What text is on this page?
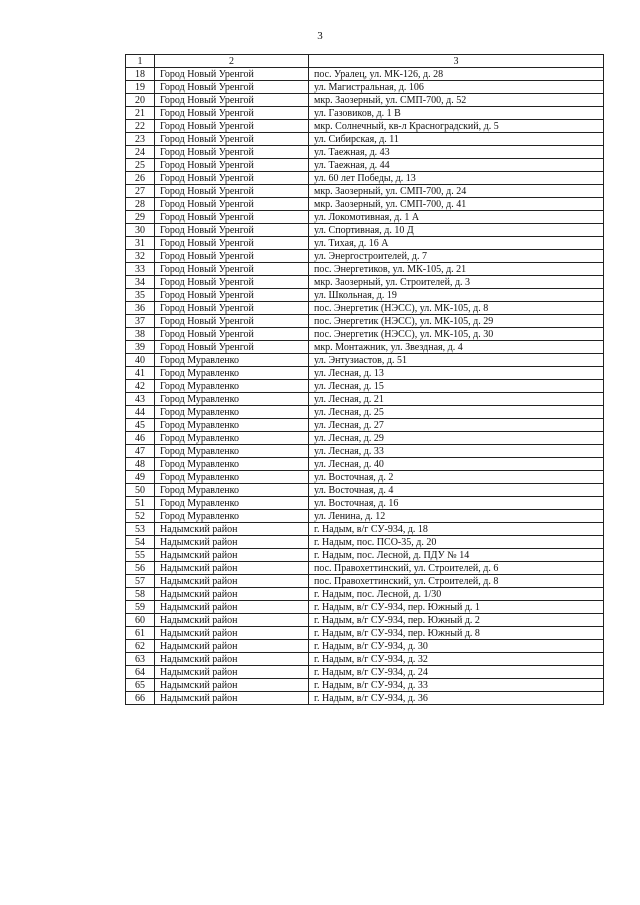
3
1	2	3
18	Город Новый Уренгой	пос. Уралец, ул. МК-126, д. 28
19	Город Новый Уренгой	ул. Магистральная, д. 106
20	Город Новый Уренгой	мкр. Заозерный, ул. СМП-700, д. 52
21	Город Новый Уренгой	ул. Газовиков, д. 1 В
22	Город Новый Уренгой	мкр. Солнечный, кв-л Красноградский, д. 5
23	Город Новый Уренгой	ул. Сибирская, д. 11
24	Город Новый Уренгой	ул. Таежная, д. 43
25	Город Новый Уренгой	ул. Таежная, д. 44
26	Город Новый Уренгой	ул. 60 лет Победы, д. 13
27	Город Новый Уренгой	мкр. Заозерный, ул. СМП-700, д. 24
28	Город Новый Уренгой	мкр. Заозерный, ул. СМП-700, д. 41
29	Город Новый Уренгой	ул. Локомотивная, д. 1 А
30	Город Новый Уренгой	ул. Спортивная, д. 10 Д
31	Город Новый Уренгой	ул. Тихая, д. 16 А
32	Город Новый Уренгой	ул. Энергостроителей, д. 7
33	Город Новый Уренгой	пос. Энергетиков, ул. МК-105, д. 21
34	Город Новый Уренгой	мкр. Заозерный, ул. Строителей, д. 3
35	Город Новый Уренгой	ул. Школьная, д. 19
36	Город Новый Уренгой	пос. Энергетик (НЭСС), ул. МК-105, д. 8
37	Город Новый Уренгой	пос. Энергетик (НЭСС), ул. МК-105, д. 29
38	Город Новый Уренгой	пос. Энергетик (НЭСС), ул. МК-105, д. 30
39	Город Новый Уренгой	мкр. Монтажник, ул. Звездная, д. 4
40	Город Муравленко	ул. Энтузиастов, д. 51
41	Город Муравленко	ул. Лесная, д. 13
42	Город Муравленко	ул. Лесная, д. 15
43	Город Муравленко	ул. Лесная, д. 21
44	Город Муравленко	ул. Лесная, д. 25
45	Город Муравленко	ул. Лесная, д. 27
46	Город Муравленко	ул. Лесная, д. 29
47	Город Муравленко	ул. Лесная, д. 33
48	Город Муравленко	ул. Лесная, д. 40
49	Город Муравленко	ул. Восточная, д. 2
50	Город Муравленко	ул. Восточная, д. 4
51	Город Муравленко	ул. Восточная, д. 16
52	Город Муравленко	ул. Ленина, д. 12
53	Надымский район	г. Надым, в/г СУ-934, д. 18
54	Надымский район	г. Надым, пос. ПСО-35, д. 20
55	Надымский район	г. Надым, пос. Лесной, д. ПДУ № 14
56	Надымский район	пос. Правохеттинский, ул. Строителей, д. 6
57	Надымский район	пос. Правохеттинский, ул. Строителей, д. 8
58	Надымский район	г. Надым, пос. Лесной, д. 1/30
59	Надымский район	г. Надым, в/г СУ-934, пер. Южный д. 1
60	Надымский район	г. Надым, в/г СУ-934, пер. Южный д. 2
61	Надымский район	г. Надым, в/г СУ-934, пер. Южный д. 8
62	Надымский район	г. Надым, в/г СУ-934, д. 30
63	Надымский район	г. Надым, в/г СУ-934, д. 32
64	Надымский район	г. Надым, в/г СУ-934, д. 24
65	Надымский район	г. Надым, в/г СУ-934, д. 33
66	Надымский район	г. Надым, в/г СУ-934, д. 36
